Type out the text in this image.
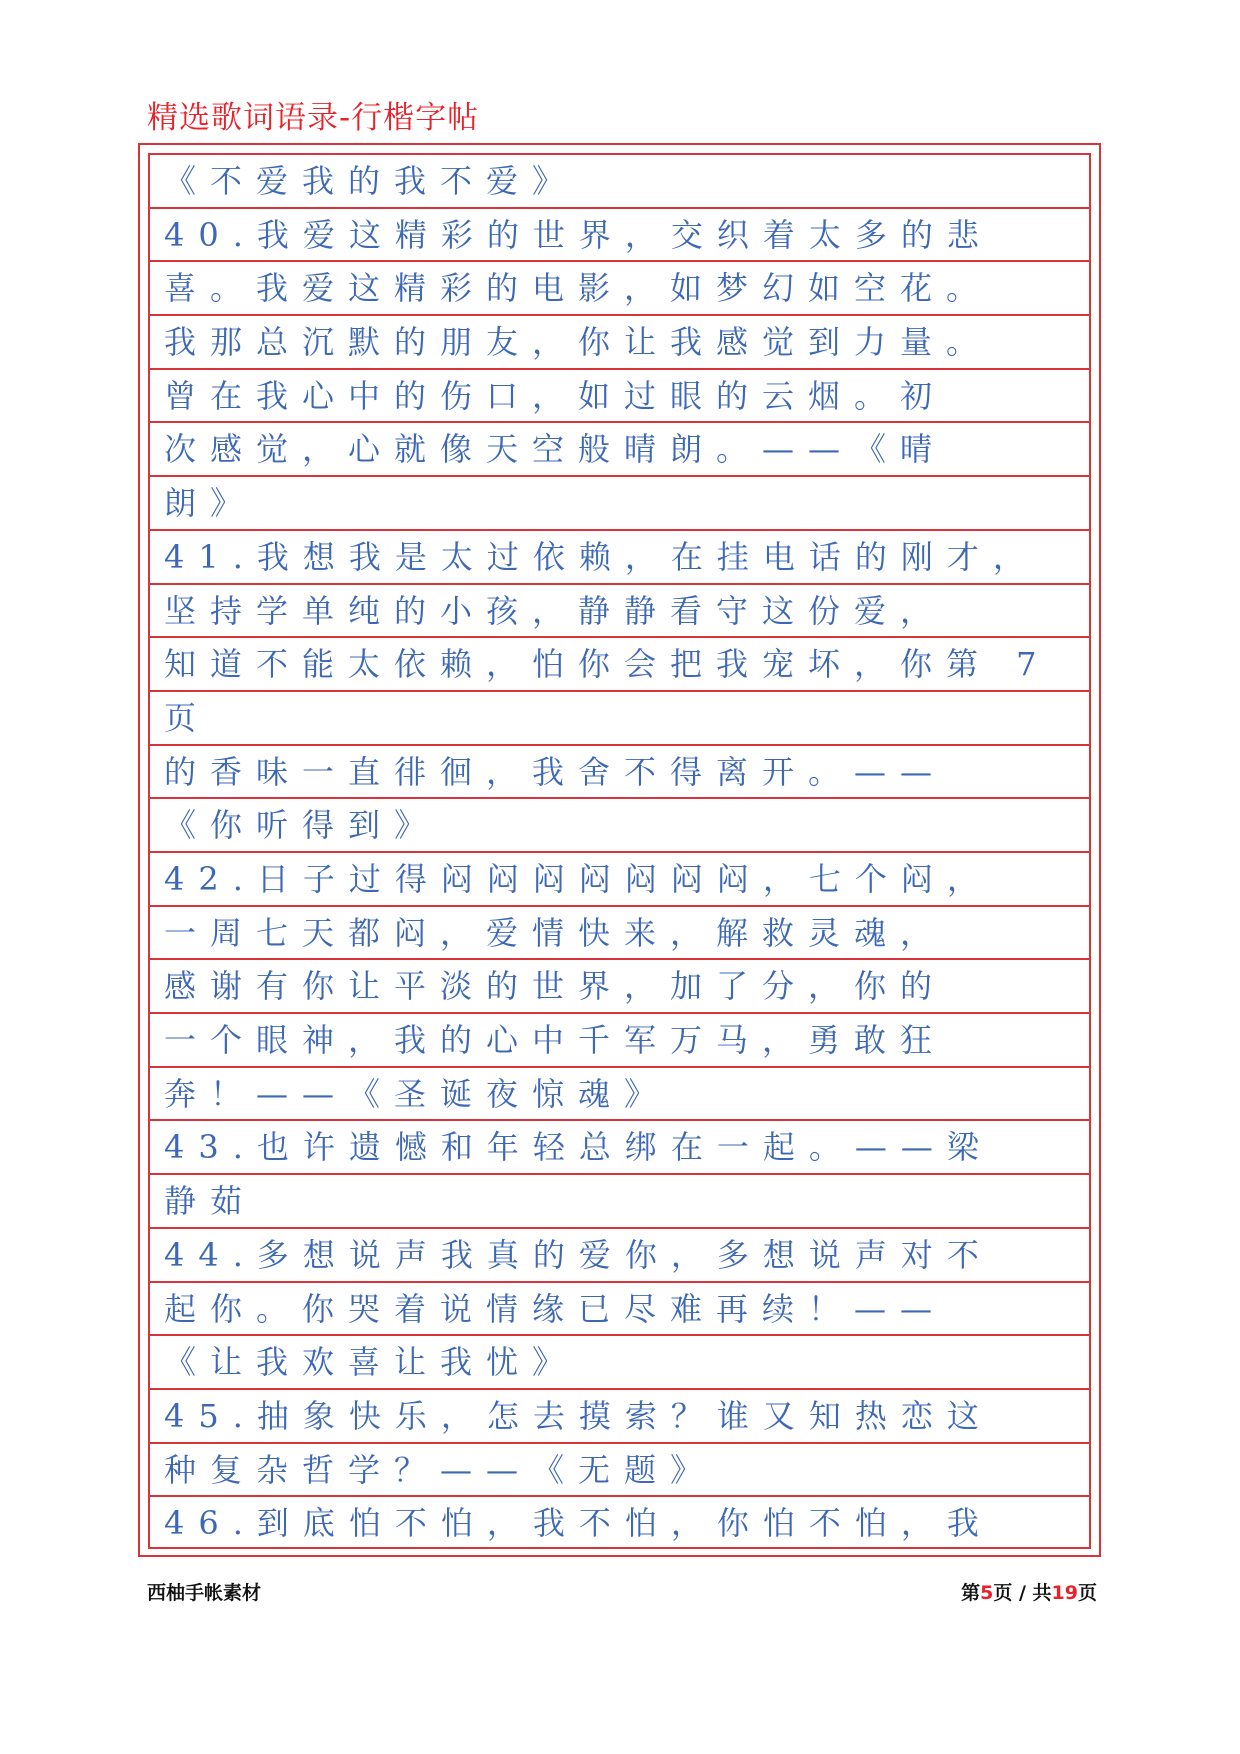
精选歌词语录-行楷字帖
《不爱我的我不爱》
40.我爱这精彩的世界，交织着太多的悲
喜。我爱这精彩的电影，如梦幻如空花。
我那总沉默的朋友，你让我感觉到力量。
曾在我心中的伤口，如过眼的云烟。初
次感觉，心就像天空般晴朗。——《晴
朗》
41.我想我是太过依赖，在挂电话的刚才，
坚持学单纯的小孩，静静看守这份爱，
知道不能太依赖，怕你会把我宠坏，你第 7
页
的香味一直徘徊，我舍不得离开。——
《你听得到》
42.日子过得闷闷闷闷闷闷闷，七个闷，
一周七天都闷，爱情快来，解救灵魂，
感谢有你让平淡的世界，加了分，你的
一个眼神，我的心中千军万马，勇敢狂
奔！——《圣诞夜惊魂》
43.也许遗憾和年轻总绑在一起。——梁
静茹
44.多想说声我真的爱你，多想说声对不
起你。你哭着说情缘已尽难再续！——
《让我欢喜让我忧》
45.抽象快乐，怎去摸索？谁又知热恋这
种复杂哲学？——《无题》
46.到底怕不怕，我不怕，你怕不怕，我
西柚手帐素材	第5页 / 共19页
